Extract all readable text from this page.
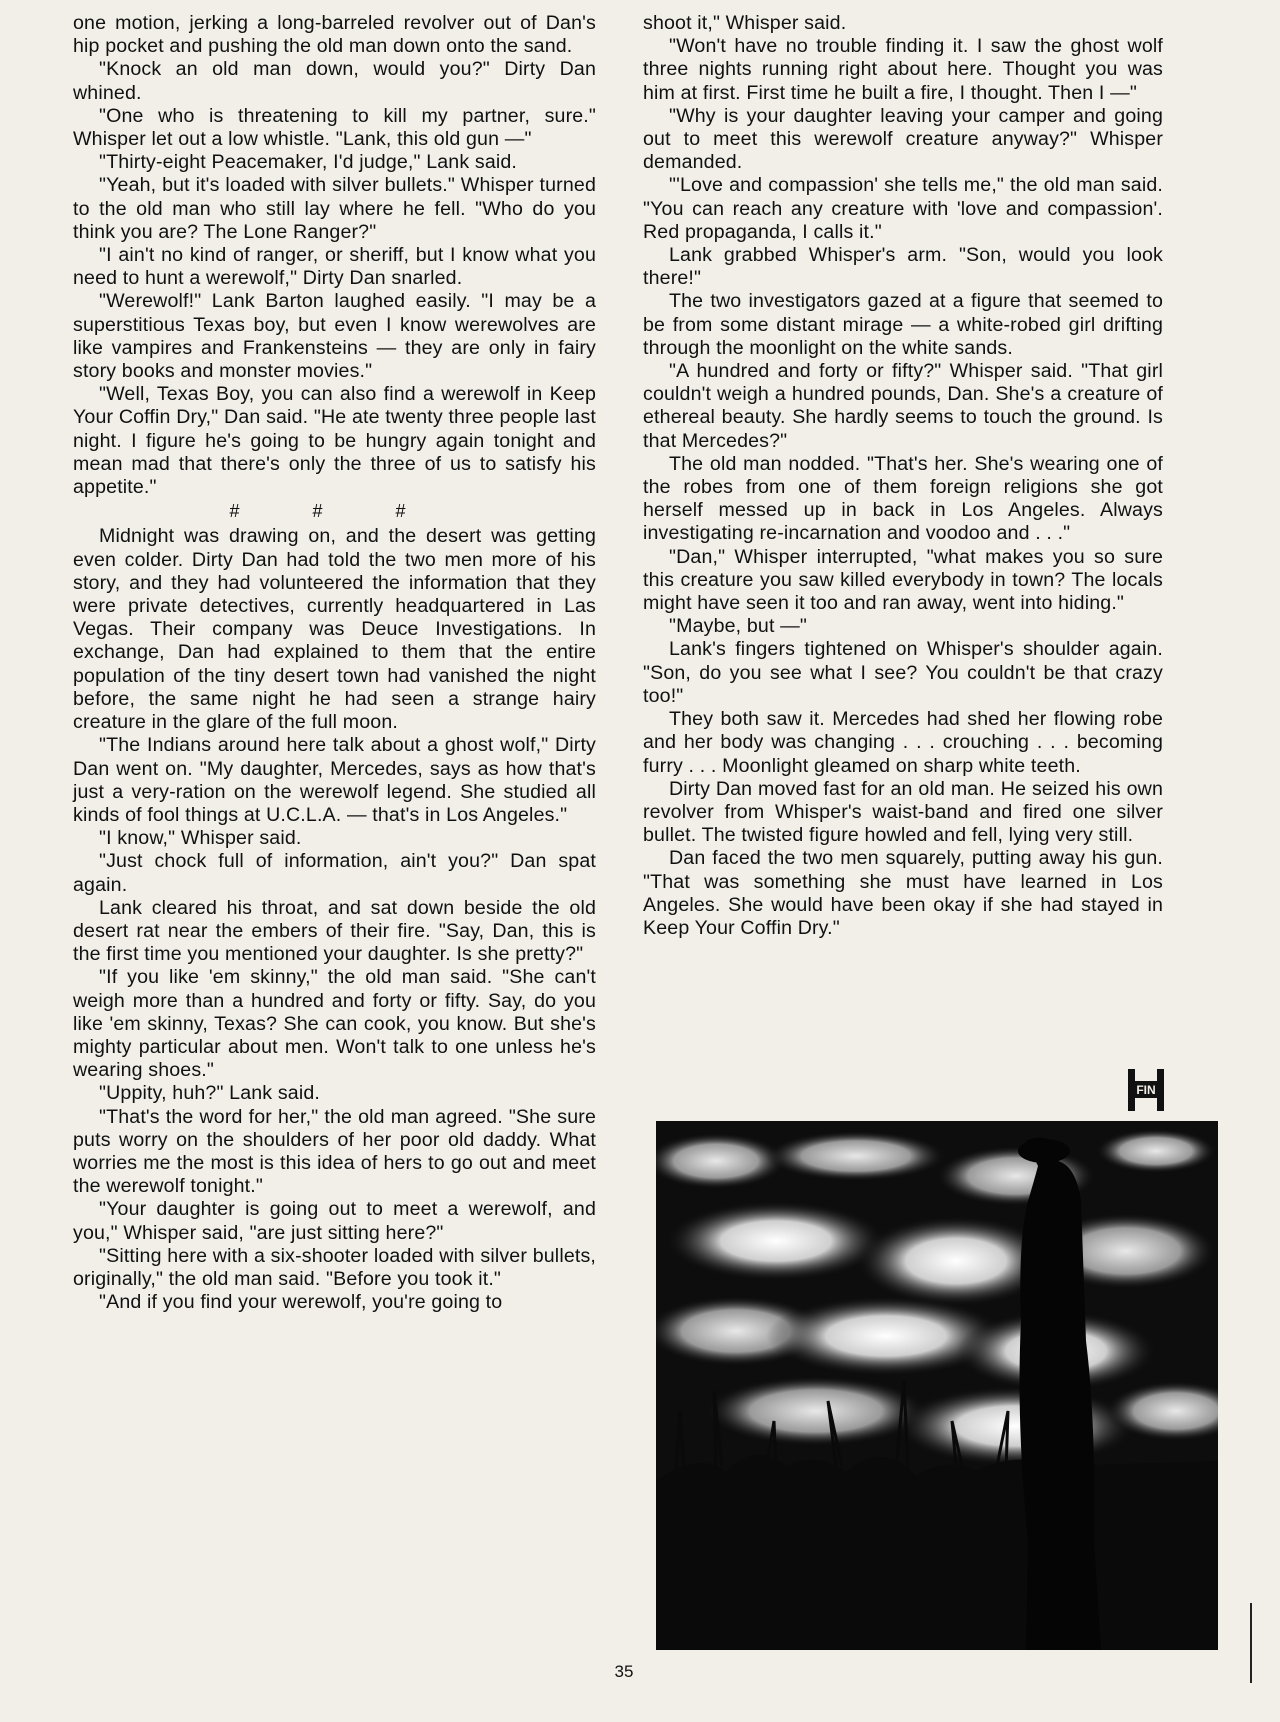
one motion, jerking a long-barreled revolver out of Dan's hip pocket and pushing the old man down onto the sand.

"Knock an old man down, would you?" Dirty Dan whined.

"One who is threatening to kill my partner, sure." Whisper let out a low whistle. "Lank, this old gun —"

"Thirty-eight Peacemaker, I'd judge," Lank said.

"Yeah, but it's loaded with silver bullets." Whisper turned to the old man who still lay where he fell. "Who do you think you are? The Lone Ranger?"

"I ain't no kind of ranger, or sheriff, but I know what you need to hunt a werewolf," Dirty Dan snarled.

"Werewolf!" Lank Barton laughed easily. "I may be a superstitious Texas boy, but even I know werewolves are like vampires and Frankensteins — they are only in fairy story books and monster movies."

"Well, Texas Boy, you can also find a werewolf in Keep Your Coffin Dry," Dan said. "He ate twenty three people last night. I figure he's going to be hungry again tonight and mean mad that there's only the three of us to satisfy his appetite."

# # #

Midnight was drawing on, and the desert was getting even colder. Dirty Dan had told the two men more of his story, and they had volunteered the information that they were private detectives, currently headquartered in Las Vegas. Their company was Deuce Investigations. In exchange, Dan had explained to them that the entire population of the tiny desert town had vanished the night before, the same night he had seen a strange hairy creature in the glare of the full moon.

"The Indians around here talk about a ghost wolf," Dirty Dan went on. "My daughter, Mercedes, says as how that's just a very-ration on the werewolf legend. She studied all kinds of fool things at U.C.L.A. — that's in Los Angeles."

"I know," Whisper said.

"Just chock full of information, ain't you?" Dan spat again.

Lank cleared his throat, and sat down beside the old desert rat near the embers of their fire. "Say, Dan, this is the first time you mentioned your daughter. Is she pretty?"

"If you like 'em skinny," the old man said. "She can't weigh more than a hundred and forty or fifty. Say, do you like 'em skinny, Texas? She can cook, you know. But she's mighty particular about men. Won't talk to one unless he's wearing shoes."

"Uppity, huh?" Lank said.

"That's the word for her," the old man agreed. "She sure puts worry on the shoulders of her poor old daddy. What worries me the most is this idea of hers to go out and meet the werewolf tonight."

"Your daughter is going out to meet a werewolf, and you," Whisper said, "are just sitting here?"

"Sitting here with a six-shooter loaded with silver bullets, originally," the old man said. "Before you took it."

"And if you find your werewolf, you're going to

shoot it," Whisper said.

"Won't have no trouble finding it. I saw the ghost wolf three nights running right about here. Thought you was him at first. First time he built a fire, I thought. Then I —"

"Why is your daughter leaving your camper and going out to meet this werewolf creature anyway?" Whisper demanded.

"'Love and compassion' she tells me," the old man said. "You can reach any creature with 'love and compassion'. Red propaganda, I calls it."

Lank grabbed Whisper's arm. "Son, would you look there!"

The two investigators gazed at a figure that seemed to be from some distant mirage — a white-robed girl drifting through the moonlight on the white sands.

"A hundred and forty or fifty?" Whisper said. "That girl couldn't weigh a hundred pounds, Dan. She's a creature of ethereal beauty. She hardly seems to touch the ground. Is that Mercedes?"

The old man nodded. "That's her. She's wearing one of the robes from one of them foreign religions she got herself messed up in back in Los Angeles. Always investigating re-incarnation and voodoo and . . ."

"Dan," Whisper interrupted, "what makes you so sure this creature you saw killed everybody in town? The locals might have seen it too and ran away, went into hiding."

"Maybe, but —"

Lank's fingers tightened on Whisper's shoulder again. "Son, do you see what I see? You couldn't be that crazy too!"

They both saw it. Mercedes had shed her flowing robe and her body was changing . . . crouching . . . becoming furry . . . Moonlight gleamed on sharp white teeth.

Dirty Dan moved fast for an old man. He seized his own revolver from Whisper's waist-band and fired one silver bullet. The twisted figure howled and fell, lying very still.

Dan faced the two men squarely, putting away his gun. "That was something she must have learned in Los Angeles. She would have been okay if she had stayed in Keep Your Coffin Dry."

FIN
35
